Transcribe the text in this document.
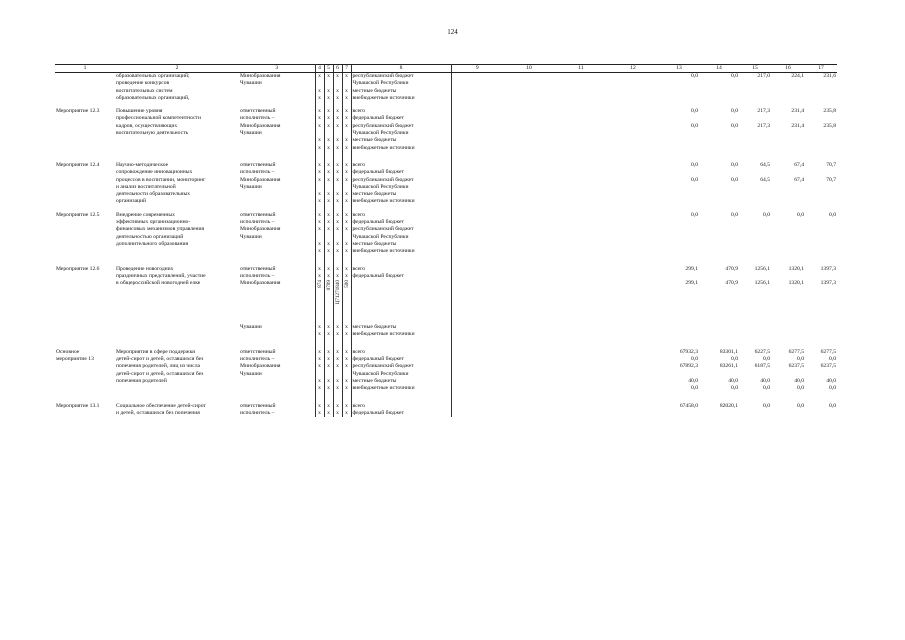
124
1	2	3	4	5	6	7	8	9	10	11	12	13	14	15	16	17
	образовательных организаций;	Минобразования	x	x	x	x	республиканский бюджет					0,0	0,0	217,0	224,1	231,6
	проведение конкурсов	Чувашии					Чувашской Республики									
	воспитательных систем		x	x	x	x	местные бюджеты									
	образовательных организаций,		x	x	x	x	внебюджетные источники									

Мероприятие 12.3	Повышение уровня	ответственный	x	x	x	x	всего					0,0	0,0	217,3	231,4	235,8
	профессиональной компетентности	исполнитель –	x	x	x	x	федеральный бюджет									
	кадров, осуществляющих	Минобразования	x	x	x	x	республиканский бюджет					0,0	0,0	217,3	231,4	235,8
	воспитательную деятельность	Чувашии					Чувашской Республики									
			x	x	x	x	местные бюджеты									
			x	x	x	x	внебюджетные источники									

Мероприятие 12.4	Научно-методическое	ответственный	x	x	x	x	всего					0,0	0,0	64,5	67,4	70,7
	сопровождение инновационных	исполнитель –	x	x	x	x	федеральный бюджет									
	процессов в воспитании, мониторинг	Минобразования	x	x	x	x	республиканский бюджет					0,0	0,0	64,5	67,4	70,7
	и анализ воспитательной	Чувашии					Чувашской Республики									
	деятельности образовательных		x	x	x	x	местные бюджеты									
	организаций		x	x	x	x	внебюджетные источники									

Мероприятие 12.5	Внедрение современных	ответственный	x	x	x	x	всего					0,0	0,0	0,0	0,0	0,0
	эффективных организационно-	исполнитель –	x	x	x	x	федеральный бюджет									
	финансовых механизмов управления	Минобразования	x	x	x	x	республиканский бюджет									
	деятельностью организаций	Чувашии					Чувашской Республики									
	дополнительного образования		x	x	x	x	местные бюджеты									
			x	x	x	x	внебюджетные источники									

Мероприятие 12.6	Проведение новогодних	ответственный	x	x	x	x	всего					299,1	470,9	1256,1	1320,1	1397,3
	праздничных представлений, участие	исполнитель –	x	x	x	x	федеральный бюджет									
	в общероссийской новогодней елке	Минобразования	874	0709	Ц71271840	500						299,1	470,9	1256,1	1320,1	1397,3
		Чувашии	x	x	x	x	местные бюджеты									
			x	x	x	x	внебюджетные источники									

Основное	Мероприятия в сфере поддержки	ответственный	x	x	x	x	всего					67932,3	83301,1	6227,5	6277,5	6277,5
мероприятие 13	детей-сирот и детей, оставшихся без	исполнитель –	x	x	x	x	федеральный бюджет					0,0	0,0	0,0	0,0	0,0
	попечения родителей, лиц из числа	Минобразования	x	x	x	x	республиканский бюджет					67892,3	83261,1	6187,5	6237,5	6237,5
	детей-сирот и детей, оставшихся без	Чувашии					Чувашской Республики									
	попечения родителей		x	x	x	x	местные бюджеты					40,0	40,0	40,0	40,0	40,0
			x	x	x	x	внебюджетные источники					0,0	0,0	0,0	0,0	0,0

Мероприятие 13.1	Социальное обеспечение детей-сирот	ответственный	x	x	x	x	всего					67458,0	82020,1	0,0	0,0	0,0
	и детей, оставшихся без попечения	исполнитель –	x	x	x	x	федеральный бюджет									
